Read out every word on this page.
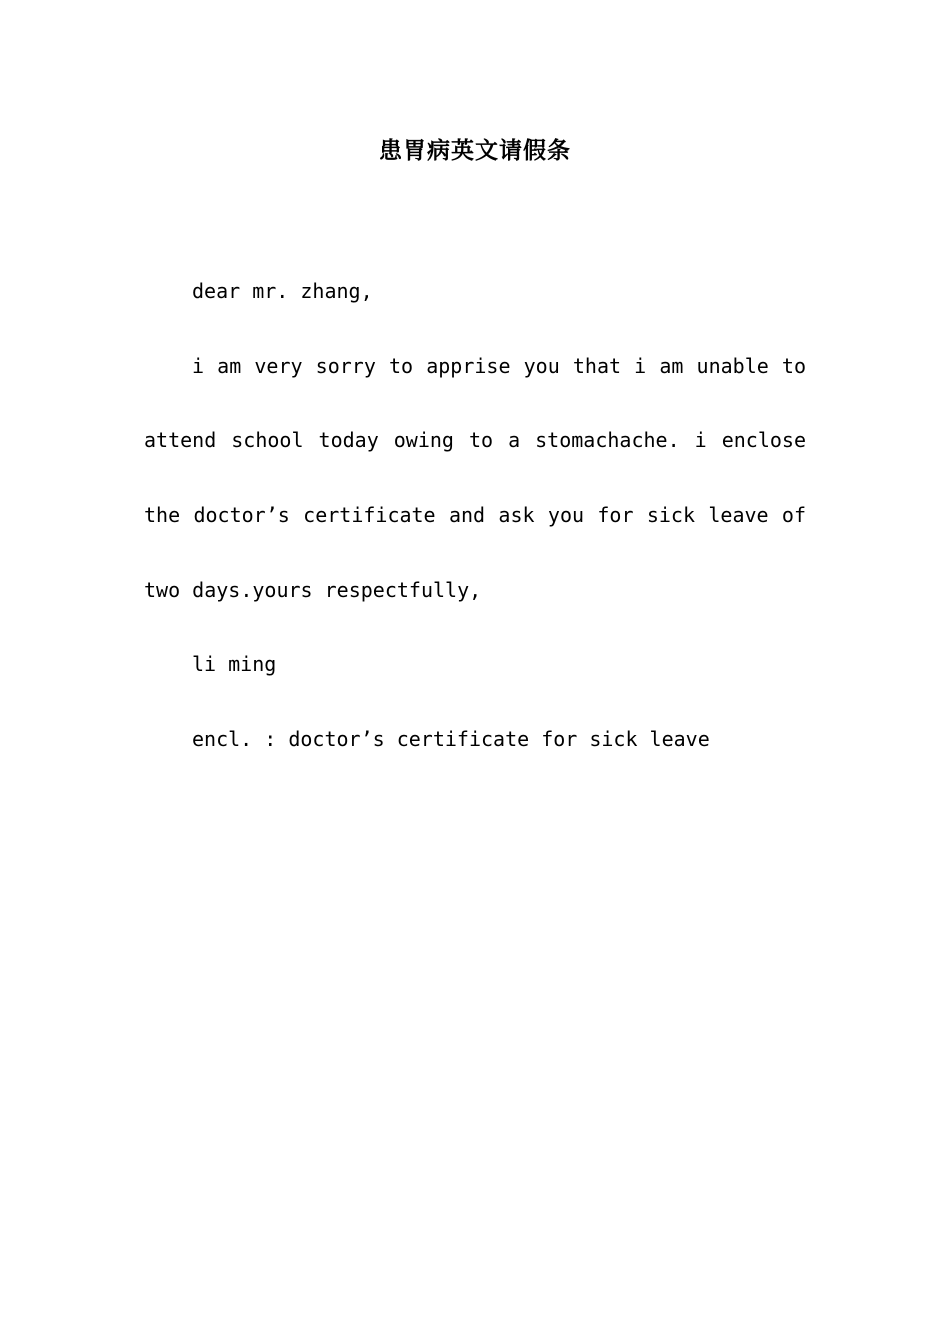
患胃病英文请假条

dear mr. zhang,

i am very sorry to apprise you that i am unable to
attend school today owing to a stomachache. i enclose
the doctor’s certificate and ask you for sick leave of
two days.yours respectfully,

li ming

encl. : doctor’s certificate for sick leave
